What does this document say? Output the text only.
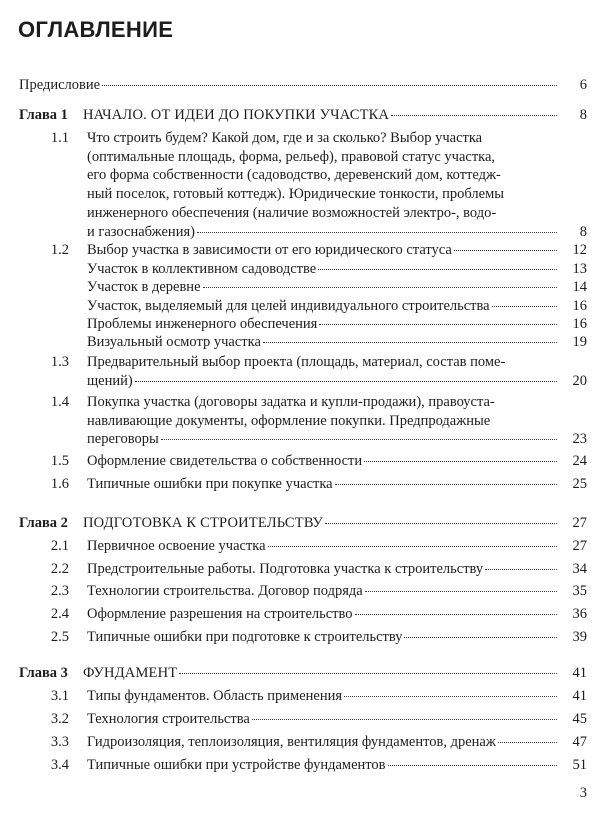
ОГЛАВЛЕНИЕ
Предисловие	6
Глава 1	НАЧАЛО. ОТ ИДЕИ ДО ПОКУПКИ УЧАСТКА	8
1.1	Что строить будем? Какой дом, где и за сколько? Выбор участка
(оптимальные площадь, форма, рельеф), правовой статус участка,
его форма собственности (садоводство, деревенский дом, коттедж-
ный поселок, готовый коттедж). Юридические тонкости, проблемы
инженерного обеспечения (наличие возможностей электро-, водо-
и газоснабжения)	8
1.2	Выбор участка в зависимости от его юридического статуса	12
Участок в коллективном садоводстве	13
Участок в деревне	14
Участок, выделяемый для целей индивидуального строительства	16
Проблемы инженерного обеспечения	16
Визуальный осмотр участка	19
1.3	Предварительный выбор проекта (площадь, материал, состав поме-
щений)	20
1.4	Покупка участка (договоры задатка и купли-продажи), правоуста-
навливающие документы, оформление покупки. Предпродажные
переговоры	23
1.5	Оформление свидетельства о собственности	24
1.6	Типичные ошибки при покупке участка	25
Глава 2	ПОДГОТОВКА К СТРОИТЕЛЬСТВУ	27
2.1	Первичное освоение участка	27
2.2	Предстроительные работы. Подготовка участка к строительству	34
2.3	Технологии строительства. Договор подряда	35
2.4	Оформление разрешения на строительство	36
2.5	Типичные ошибки при подготовке к строительству	39
Глава 3	ФУНДАМЕНТ	41
3.1	Типы фундаментов. Область применения	41
3.2	Технология строительства	45
3.3	Гидроизоляция, теплоизоляция, вентиляция фундаментов, дренаж	47
3.4	Типичные ошибки при устройстве фундаментов	51
3
